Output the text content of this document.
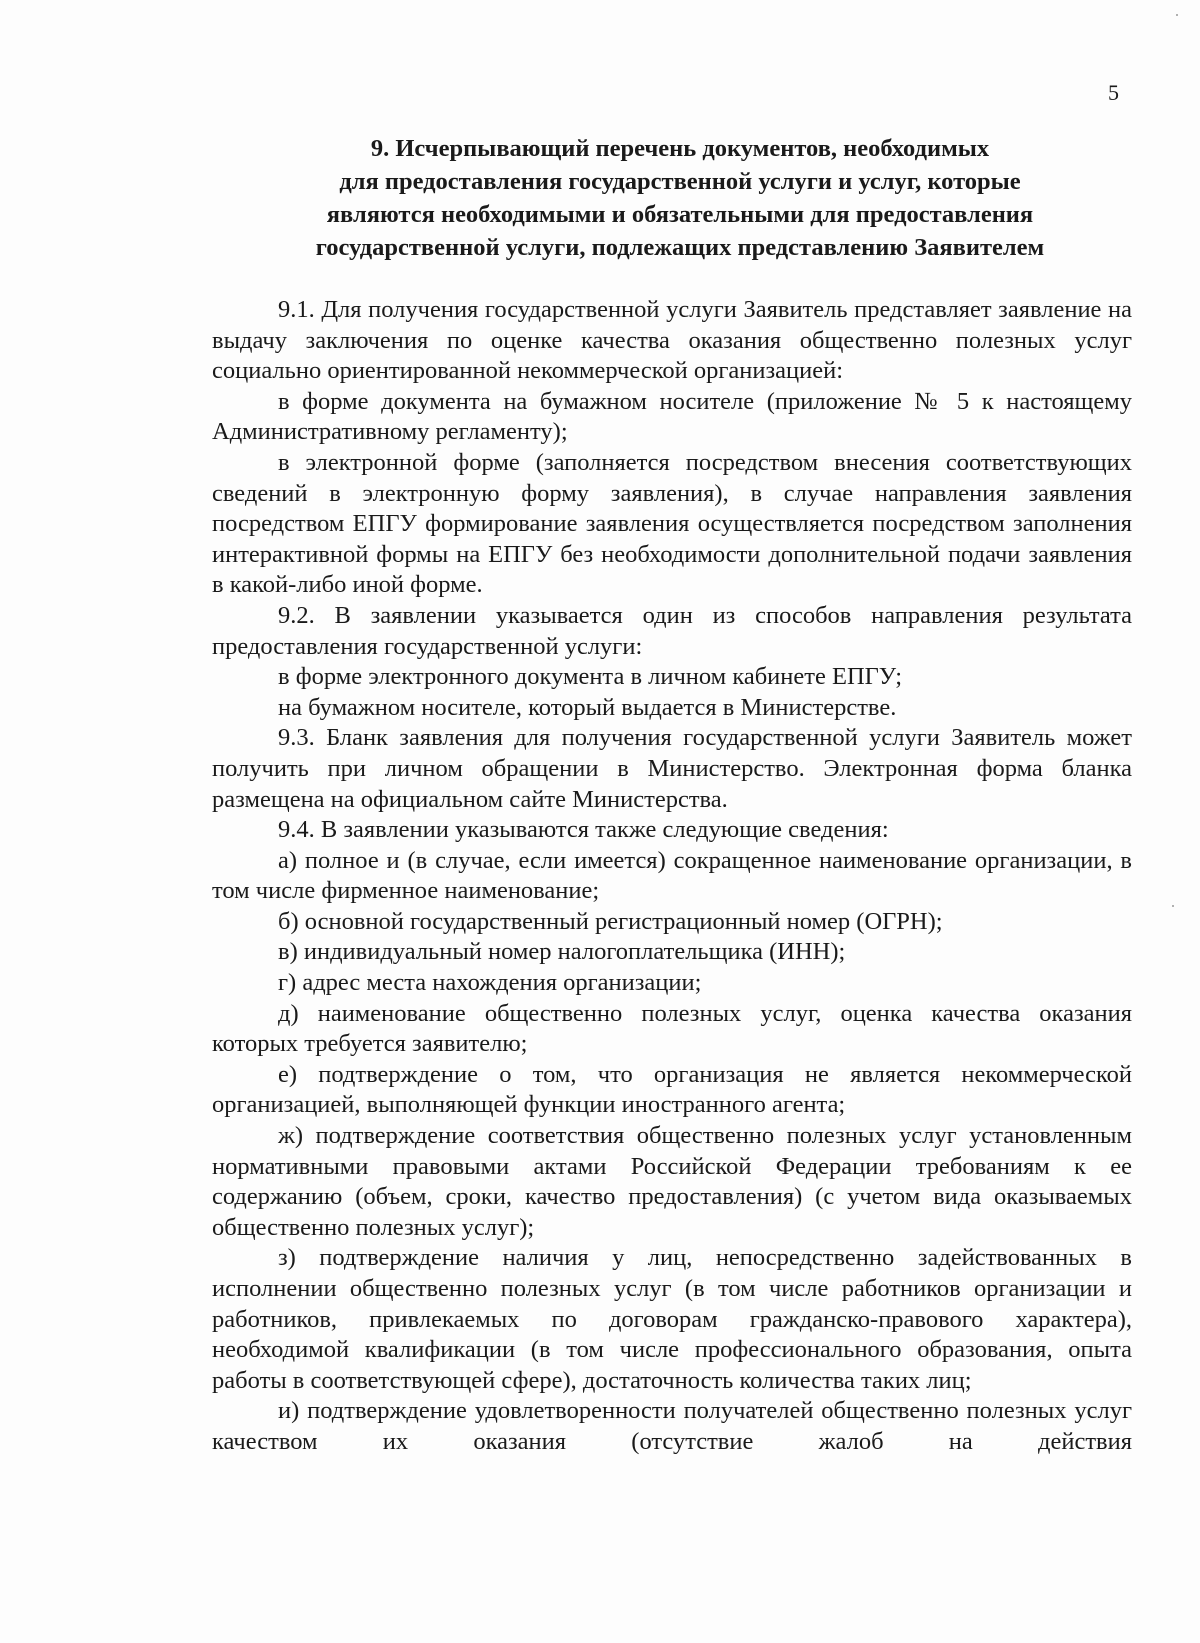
5
9. Исчерпывающий перечень документов, необходимых
для предоставления государственной услуги и услуг, которые
являются необходимыми и обязательными для предоставления
государственной услуги, подлежащих представлению Заявителем

9.1. Для получения государственной услуги Заявитель представляет заявление на выдачу заключения по оценке качества оказания общественно полезных услуг социально ориентированной некоммерческой организацией:

в форме документа на бумажном носителе (приложение № 5 к настоящему Административному регламенту);

в электронной форме (заполняется посредством внесения соответствующих сведений в электронную форму заявления), в случае направления заявления посредством ЕПГУ формирование заявления осуществляется посредством заполнения интерактивной формы на ЕПГУ без необходимости дополнительной подачи заявления в какой-либо иной форме.

9.2. В заявлении указывается один из способов направления результата предоставления государственной услуги:

в форме электронного документа в личном кабинете ЕПГУ;

на бумажном носителе, который выдается в Министерстве.

9.3. Бланк заявления для получения государственной услуги Заявитель может получить при личном обращении в Министерство. Электронная форма бланка размещена на официальном сайте Министерства.

9.4. В заявлении указываются также следующие сведения:

а) полное и (в случае, если имеется) сокращенное наименование организации, в том числе фирменное наименование;

б) основной государственный регистрационный номер (ОГРН);

в) индивидуальный номер налогоплательщика (ИНН);

г) адрес места нахождения организации;

д) наименование общественно полезных услуг, оценка качества оказания которых требуется заявителю;

е) подтверждение о том, что организация не является некоммерческой организацией, выполняющей функции иностранного агента;

ж) подтверждение соответствия общественно полезных услуг установленным нормативными правовыми актами Российской Федерации требованиям к ее содержанию (объем, сроки, качество предоставления) (с учетом вида оказываемых общественно полезных услуг);

з) подтверждение наличия у лиц, непосредственно задействованных в исполнении общественно полезных услуг (в том числе работников организации и работников, привлекаемых по договорам гражданско-правового характера), необходимой квалификации (в том числе профессионального образования, опыта работы в соответствующей сфере), достаточность количества таких лиц;

и) подтверждение удовлетворенности получателей общественно полезных услуг качеством их оказания (отсутствие жалоб на действия
